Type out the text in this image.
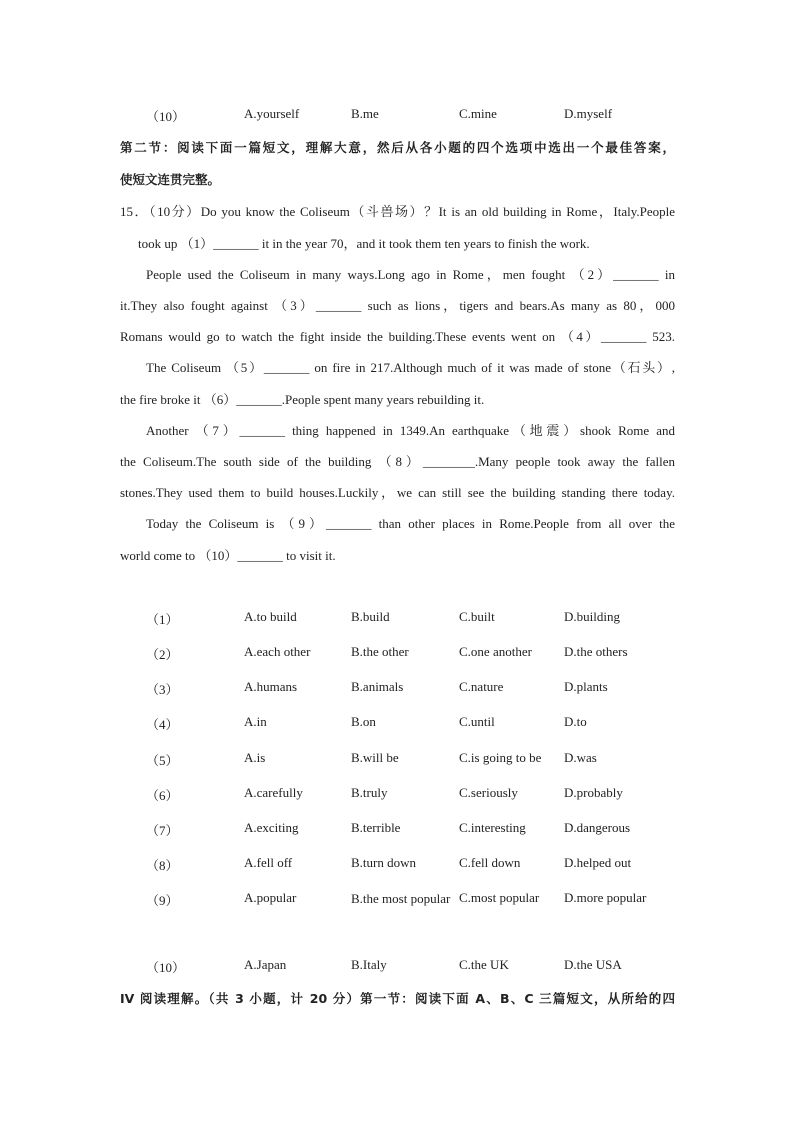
（10）	A.yourself	B.me	C.mine	D.myself
第二节：阅读下面一篇短文，理解大意，然后从各小题的四个选项中选出一个最佳答案，
使短文连贯完整。
15．（10分）Do you know the Coliseum（斗兽场）？It is an old building in Rome，Italy.People
took up （1）_______ it in the year 70，and it took them ten years to finish the work.
People used the Coliseum in many ways.Long ago in Rome，men fought （2）_______ in
it.They also fought against （3）_______ such as lions，tigers and bears.As many as 80，000
Romans would go to watch the fight inside the building.These events went on （4）_______ 523.
The Coliseum （5）_______ on fire in 217.Although much of it was made of stone（石头）,
the fire broke it （6）_______.People spent many years rebuilding it.
Another （7）_______ thing happened in 1349.An earthquake（地震）shook Rome and
the Coliseum.The south side of the building （8）________.Many people took away the fallen
stones.They used them to build houses.Luckily，we can still see the building standing there today.
Today the Coliseum is （9）_______ than other places in Rome.People from all over the
world come to （10）_______ to visit it.
（1）	A.to build	B.build	C.built	D.building
（2）	A.each other	B.the other	C.one another D.the others
（3）	A.humans	B.animals	C.nature	D.plants
（4）	A.in	B.on	C.until	D.to
（5）	A.is	B.will be	C.is going to be D.was
（6）	A.carefully	B.truly	C.seriously	D.probably
（7）	A.exciting	B.terrible	C.interesting	D.dangerous
（8）	A.fell off	B.turn down	C.fell down	D.helped out
（9）	A.popular	B.the most popular C.most popular D.more popular
（10）	A.Japan	B.Italy	C.the UK	D.the USA
IV 阅读理解。（共 3 小题，计 20 分）第一节：阅读下面 A、B、C 三篇短文，从所给的四
